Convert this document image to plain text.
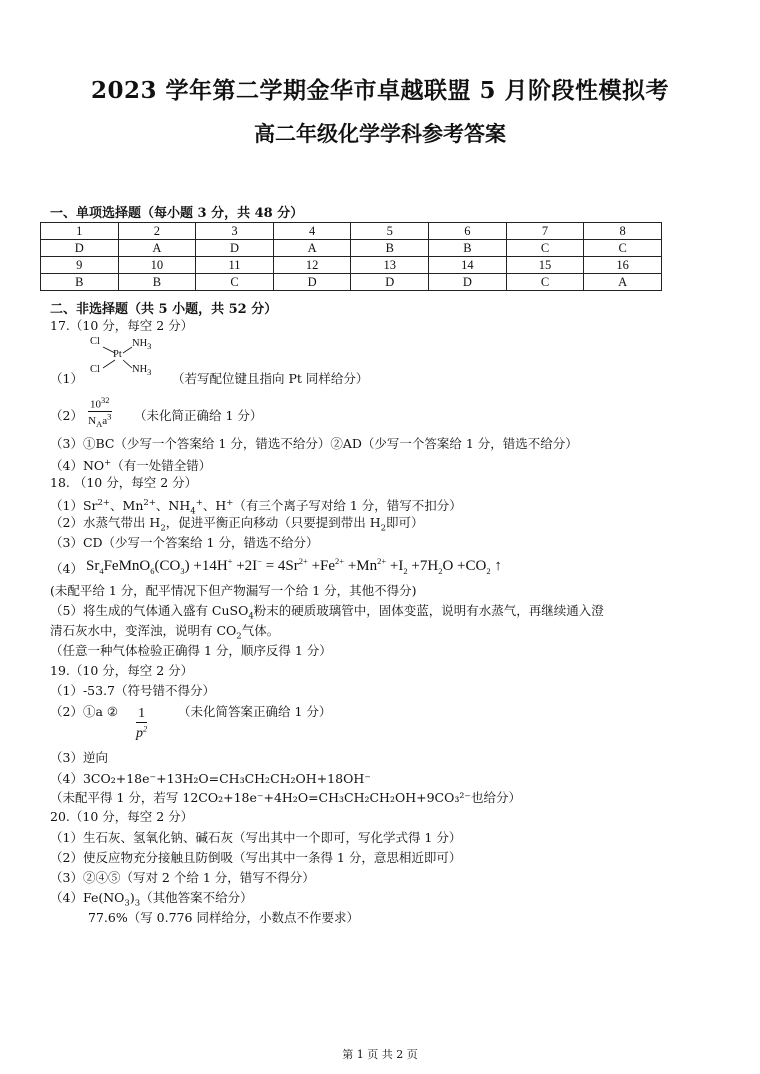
2023 学年第二学期金华市卓越联盟 5 月阶段性模拟考
高二年级化学学科参考答案
一、单项选择题（每小题 3 分，共 48 分）
1	2	3	4	5	6	7	8
D	A	D	A	B	B	C	C
9	10	11	12	13	14	15	16
B	B	C	D	D	D	C	A
二、非选择题（共 5 小题，共 52 分）
17.（10 分，每空 2 分）
Cl
Cl
Pt
$NH_3$
$NH_3$
（1）	（若写配位键且指向 Pt 同样给分）
（2）
$10^{32}$
$N_Aa^3$ （未化简正确给 1 分）
（3）①BC（少写一个答案给 1 分，错选不给分）②AD（少写一个答案给 1 分，错选不给分）
（4）NO+（有一处错全错）
18. （10 分，每空 2 分）
$(1)Sr^{2+}$、$Mn^{2+}$、$NH_4^+$、H+（有三个离子写对给 1 分，错写不扣分）
（2）水蒸气带出 $H_2$，促进平衡正向移动（只要提到带出 $H_2$即可）
（3）CD（少写一个答案给 1 分，错选不给分）
（4） $Sr_4FeMnO_6(CO_3) +14H^+ +2I^- = 4Sr^{2+} +Fe^{2+} +Mn^{2+} +I_2 +7H_2O +CO_2$ ↑
(未配平给 1 分，配平情况下但产物漏写一个给 1 分，其他不得分)
（5）将生成的气体通入盛有 CuSO$_4$粉末的硬质玻璃管中，固体变蓝，说明有水蒸气，再继续通入澄
清石灰水中，变浑浊，说明有 $CO_2$气体。
（任意一种气体检验正确得 1 分，顺序反得 1 分）
19.（10 分，每空 2 分）
（1）-53.7（符号错不得分）
（2）①a ② $\frac{1}{p^2}$ （未化简答案正确给 1 分）
（3）逆向
（4）3CO₂+18e⁻+13H₂O=CH₃CH₂CH₂OH+18OH⁻
（未配平得 1 分，若写 12CO₂+18e⁻+4H₂O=CH₃CH₂CH₂OH+9CO₃²⁻也给分）
20.（10 分，每空 2 分）
（1）生石灰、氢氧化钠、碱石灰（写出其中一个即可，写化学式得 1 分）
（2）使反应物充分接触且防倒吸（写出其中一条得 1 分，意思相近即可）
（3）②④⑤（写对 2 个给 1 分，错写不得分）
$(4)Fe(NO_3)_3$（其他答案不给分）
77.6%（写 0.776 同样给分，小数点不作要求）
第 1 页 共 2 页
